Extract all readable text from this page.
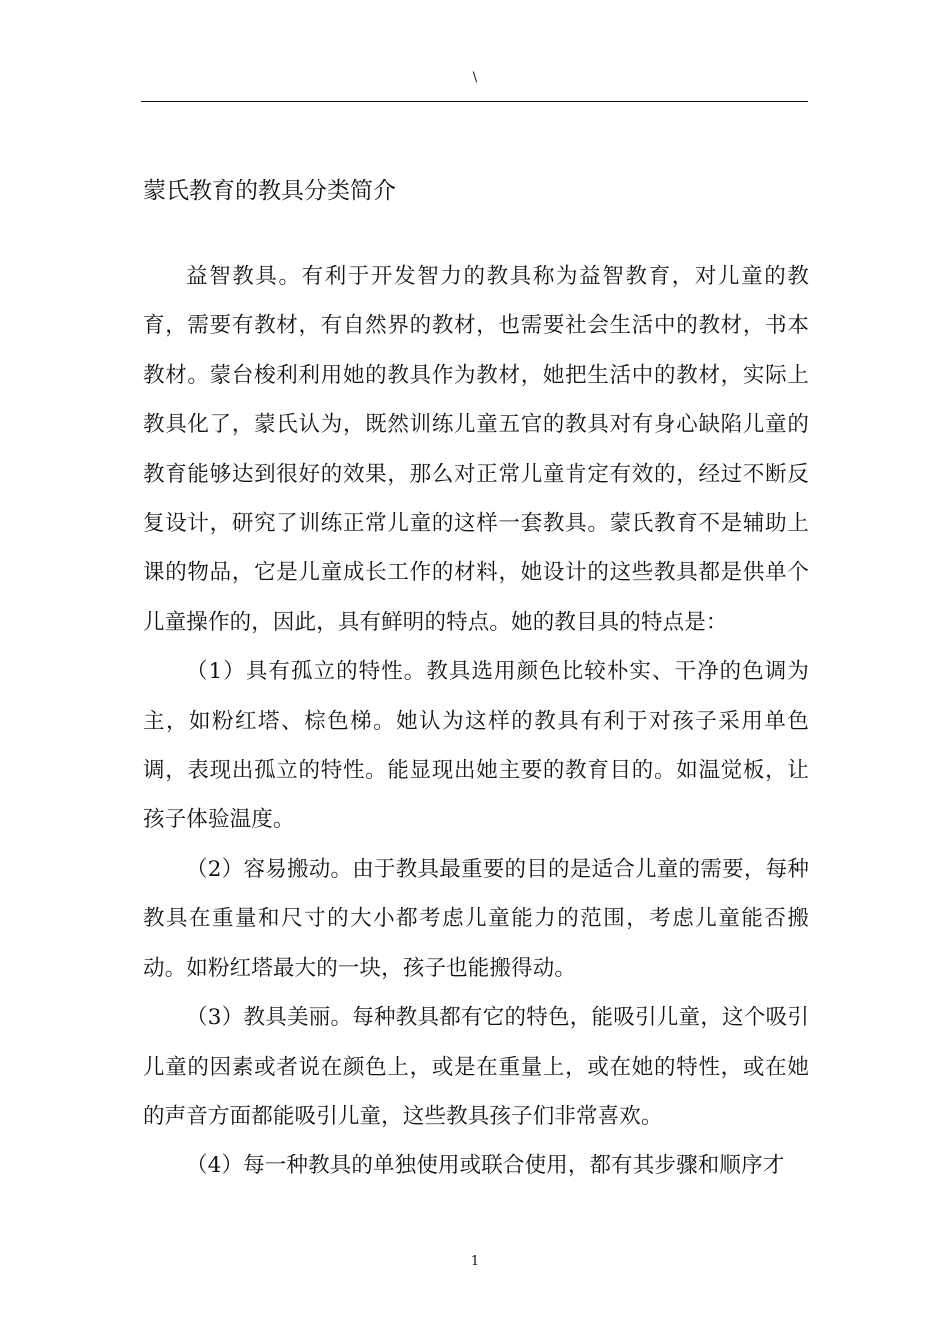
\
蒙氏教育的教具分类简介

益智教具。有利于开发智力的教具称为益智教育，对儿童的教育，需要有教材，有自然界的教材，也需要社会生活中的教材，书本教材。蒙台梭利利用她的教具作为教材，她把生活中的教材，实际上教具化了，蒙氏认为，既然训练儿童五官的教具对有身心缺陷儿童的教育能够达到很好的效果，那么对正常儿童肯定有效的，经过不断反复设计，研究了训练正常儿童的这样一套教具。蒙氏教育不是辅助上课的物品，它是儿童成长工作的材料，她设计的这些教具都是供单个儿童操作的，因此，具有鲜明的特点。她的教目具的特点是：

（1）具有孤立的特性。教具选用颜色比较朴实、干净的色调为主，如粉红塔、棕色梯。她认为这样的教具有利于对孩子采用单色调，表现出孤立的特性。能显现出她主要的教育目的。如温觉板，让孩子体验温度。

（2）容易搬动。由于教具最重要的目的是适合儿童的需要，每种教具在重量和尺寸的大小都考虑儿童能力的范围，考虑儿童能否搬动。如粉红塔最大的一块，孩子也能搬得动。

（3）教具美丽。每种教具都有它的特色，能吸引儿童，这个吸引儿童的因素或者说在颜色上，或是在重量上，或在她的特性，或在她的声音方面都能吸引儿童，这些教具孩子们非常喜欢。

（4）每一种教具的单独使用或联合使用，都有其步骤和顺序才

1
